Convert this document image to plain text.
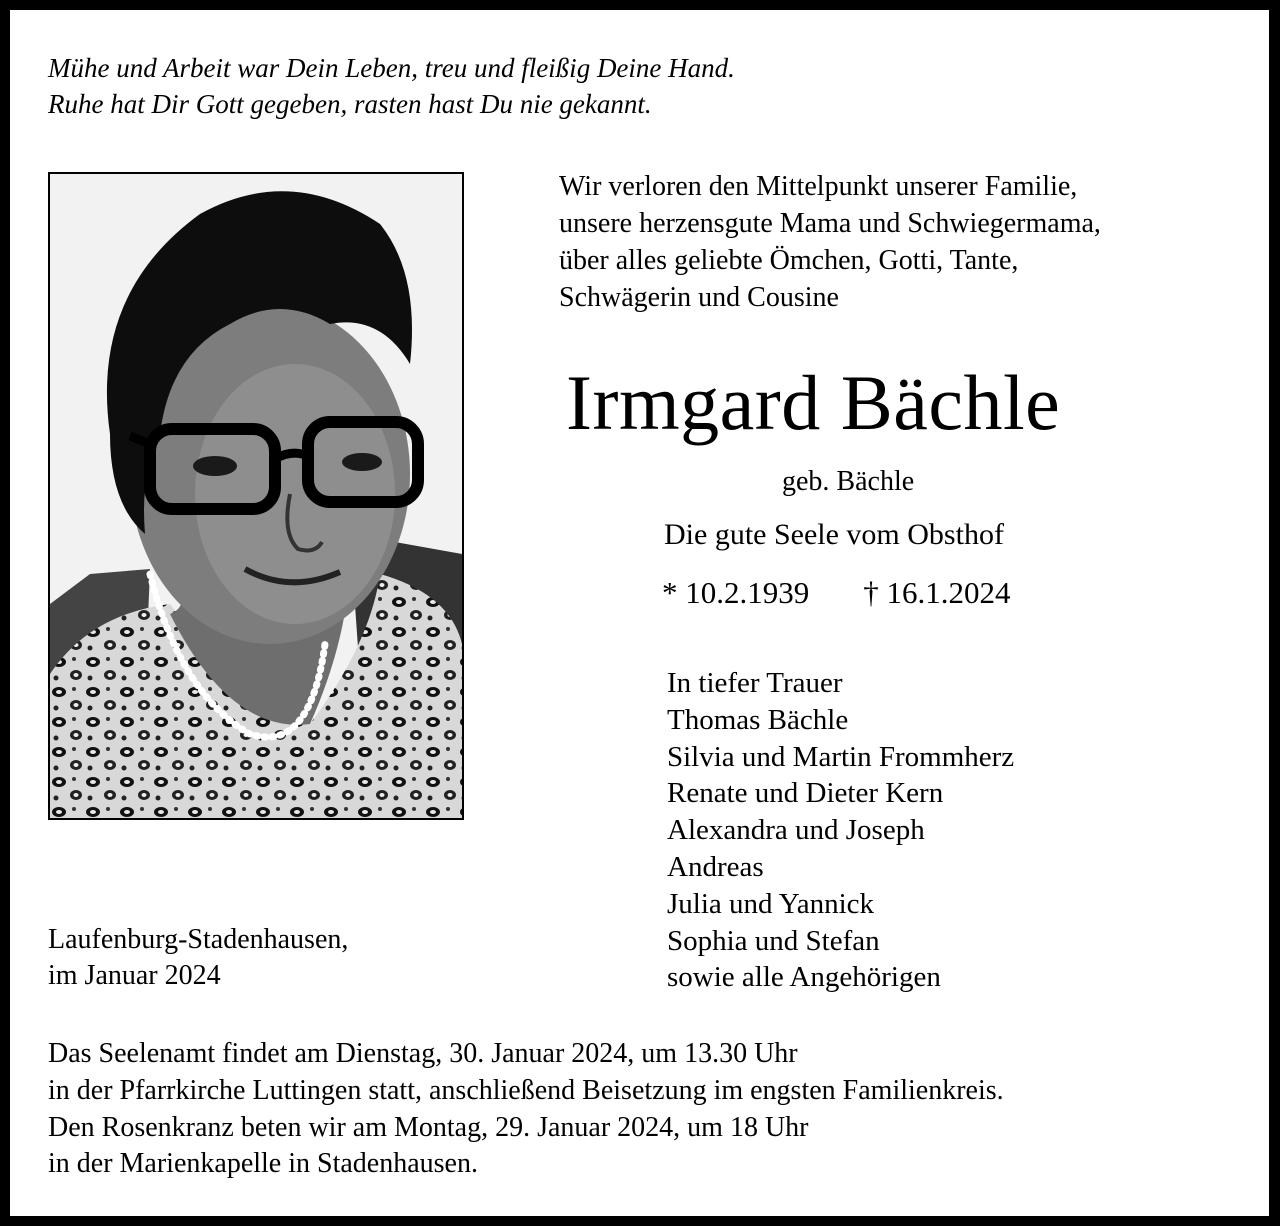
Mühe und Arbeit war Dein Leben, treu und fleißig Deine Hand.
Ruhe hat Dir Gott gegeben, rasten hast Du nie gekannt.
Wir verloren den Mittelpunkt unserer Familie,
unsere herzensgute Mama und Schwiegermama,
über alles geliebte Ömchen, Gotti, Tante,
Schwägerin und Cousine
Irmgard Bächle
geb. Bächle
Die gute Seele vom Obsthof
* 10.2.1939 † 16.1.2024
In tiefer Trauer
Thomas Bächle
Silvia und Martin Frommherz
Renate und Dieter Kern
Alexandra und Joseph
Andreas
Julia und Yannick
Sophia und Stefan
sowie alle Angehörigen
Laufenburg-Stadenhausen,
im Januar 2024
Das Seelenamt findet am Dienstag, 30. Januar 2024, um 13.30 Uhr
in der Pfarrkirche Luttingen statt, anschließend Beisetzung im engsten Familienkreis.
Den Rosenkranz beten wir am Montag, 29. Januar 2024, um 18 Uhr
in der Marienkapelle in Stadenhausen.
